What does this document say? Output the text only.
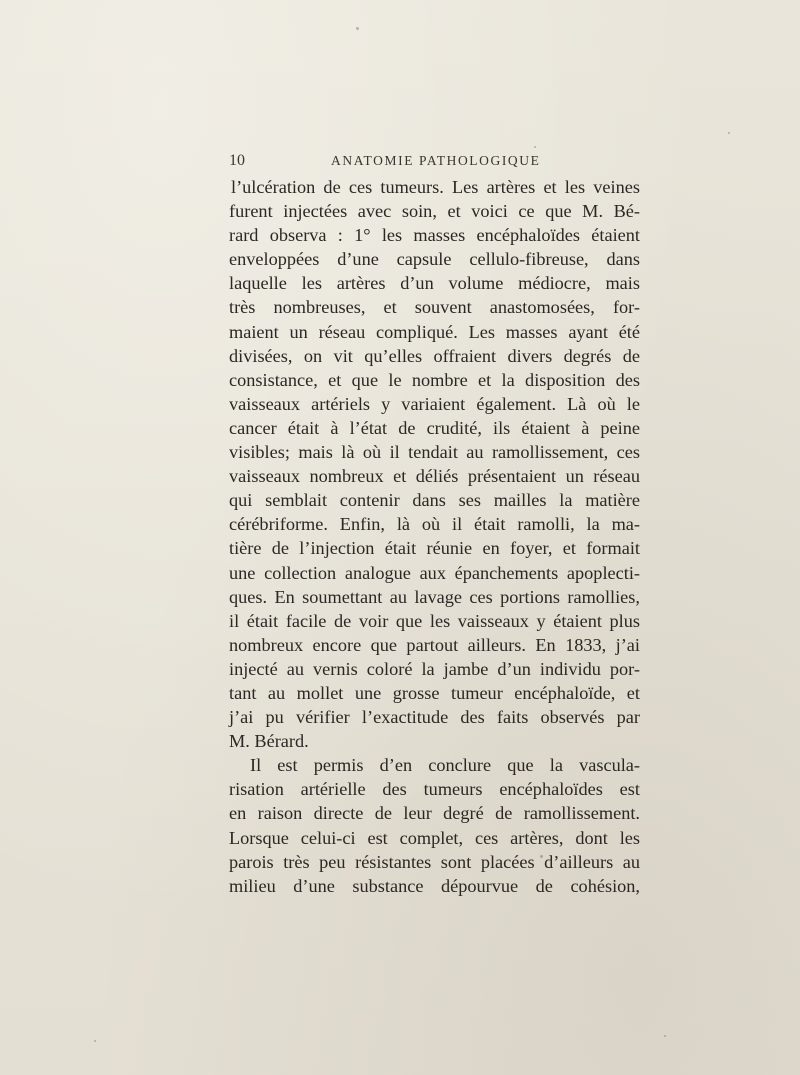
10	ANATOMIE PATHOLOGIQUE
l’ulcération de ces tumeurs. Les artères et les veines
furent injectées avec soin, et voici ce que M. Bé-
rard observa : 1° les masses encéphaloïdes étaient
enveloppées d’une capsule cellulo-fibreuse, dans
laquelle les artères d’un volume médiocre, mais
très nombreuses, et souvent anastomosées, for-
maient un réseau compliqué. Les masses ayant été
divisées, on vit qu’elles offraient divers degrés de
consistance, et que le nombre et la disposition des
vaisseaux artériels y variaient également. Là où le
cancer était à l’état de crudité, ils étaient à peine
visibles; mais là où il tendait au ramollissement, ces
vaisseaux nombreux et déliés présentaient un réseau
qui semblait contenir dans ses mailles la matière
cérébriforme. Enfin, là où il était ramolli, la ma-
tière de l’injection était réunie en foyer, et formait
une collection analogue aux épanchements apoplecti-
ques. En soumettant au lavage ces portions ramollies,
il était facile de voir que les vaisseaux y étaient plus
nombreux encore que partout ailleurs. En 1833, j’ai
injecté au vernis coloré la jambe d’un individu por-
tant au mollet une grosse tumeur encéphaloïde, et
j’ai pu vérifier l’exactitude des faits observés par
M. Bérard.
Il est permis d’en conclure que la vascula-
risation artérielle des tumeurs encéphaloïdes est
en raison directe de leur degré de ramollissement.
Lorsque celui-ci est complet, ces artères, dont les
parois très peu résistantes sont placées d’ailleurs au
milieu d’une substance dépourvue de cohésion,
